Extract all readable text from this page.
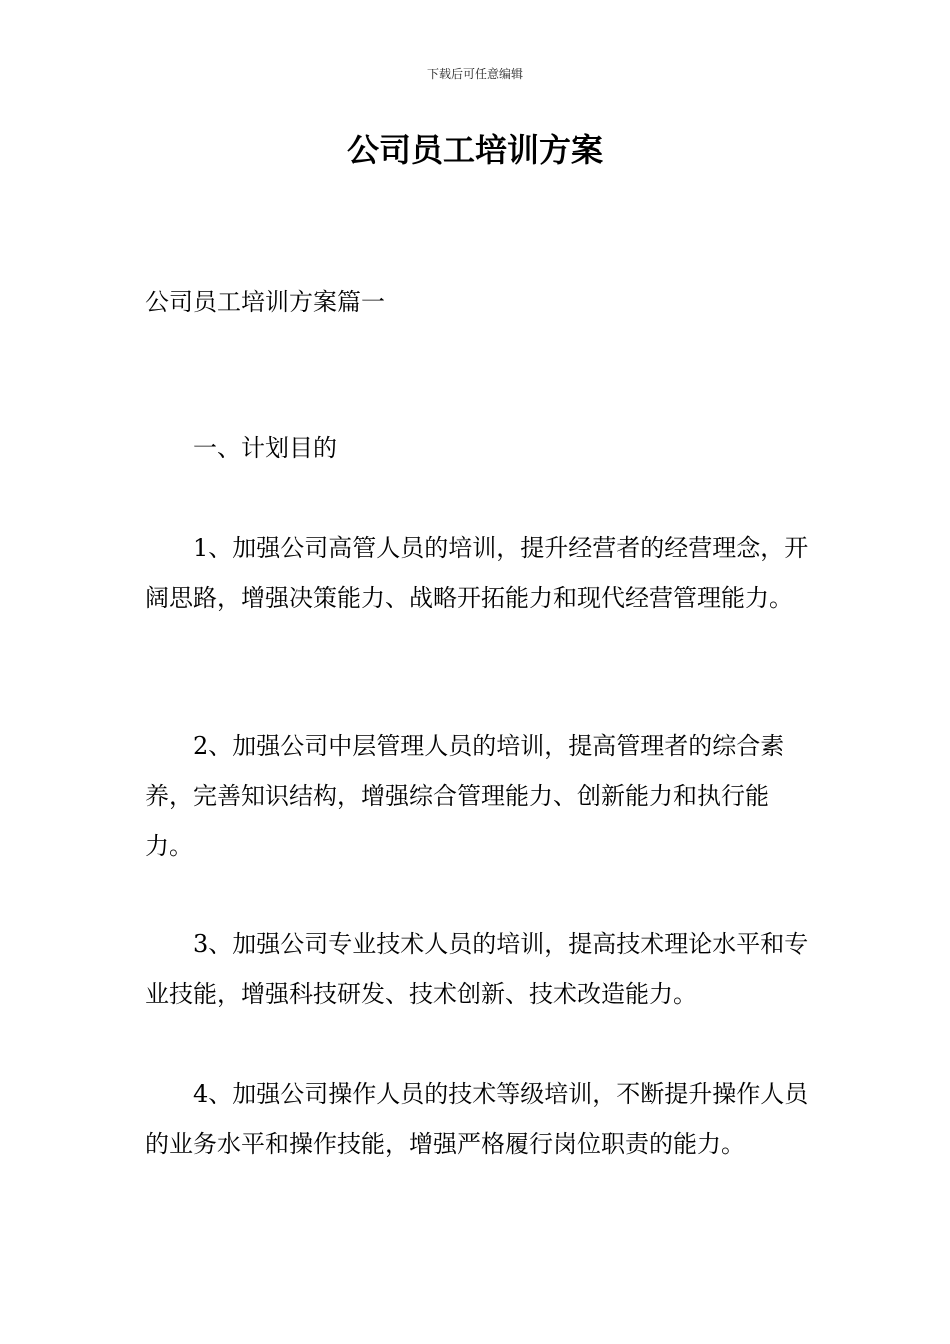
下载后可任意编辑
公司员工培训方案

公司员工培训方案篇一

一、计划目的

1、加强公司高管人员的培训，提升经营者的经营理念，开阔思路，增强决策能力、战略开拓能力和现代经营管理能力。

2、加强公司中层管理人员的培训，提高管理者的综合素养，完善知识结构，增强综合管理能力、创新能力和执行能力。

3、加强公司专业技术人员的培训，提高技术理论水平和专业技能，增强科技研发、技术创新、技术改造能力。

4、加强公司操作人员的技术等级培训，不断提升操作人员的业务水平和操作技能，增强严格履行岗位职责的能力。
